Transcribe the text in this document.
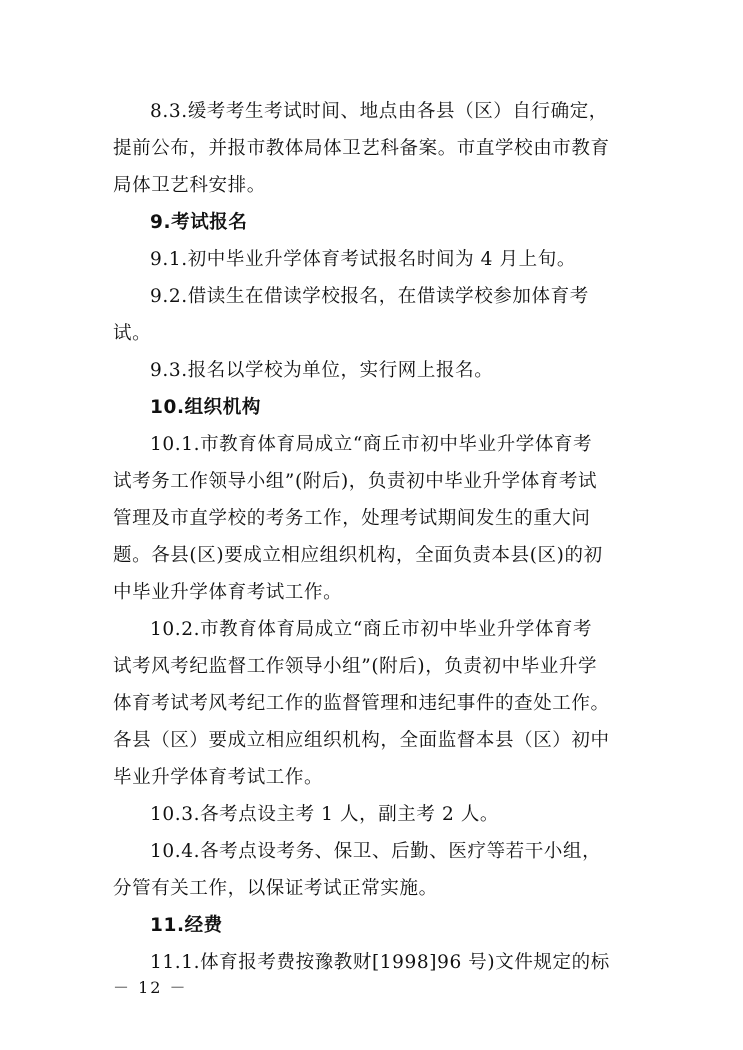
8.3.缓考考生考试时间、地点由各县（区）自行确定，
提前公布，并报市教体局体卫艺科备案。市直学校由市教育
局体卫艺科安排。
9.考试报名
9.1.初中毕业升学体育考试报名时间为 4 月上旬。
9.2.借读生在借读学校报名，在借读学校参加体育考
试。
9.3.报名以学校为单位，实行网上报名。
10.组织机构
10.1.市教育体育局成立“商丘市初中毕业升学体育考
试考务工作领导小组”(附后)，负责初中毕业升学体育考试
管理及市直学校的考务工作，处理考试期间发生的重大问
题。各县(区)要成立相应组织机构，全面负责本县(区)的初
中毕业升学体育考试工作。
10.2.市教育体育局成立“商丘市初中毕业升学体育考
试考风考纪监督工作领导小组”(附后)，负责初中毕业升学
体育考试考风考纪工作的监督管理和违纪事件的查处工作。
各县（区）要成立相应组织机构，全面监督本县（区）初中
毕业升学体育考试工作。
10.3.各考点设主考 1 人，副主考 2 人。
10.4.各考点设考务、保卫、后勤、医疗等若干小组，
分管有关工作，以保证考试正常实施。
11.经费
11.1.体育报考费按豫教财[1998]96 号)文件规定的标
－ 12 －
